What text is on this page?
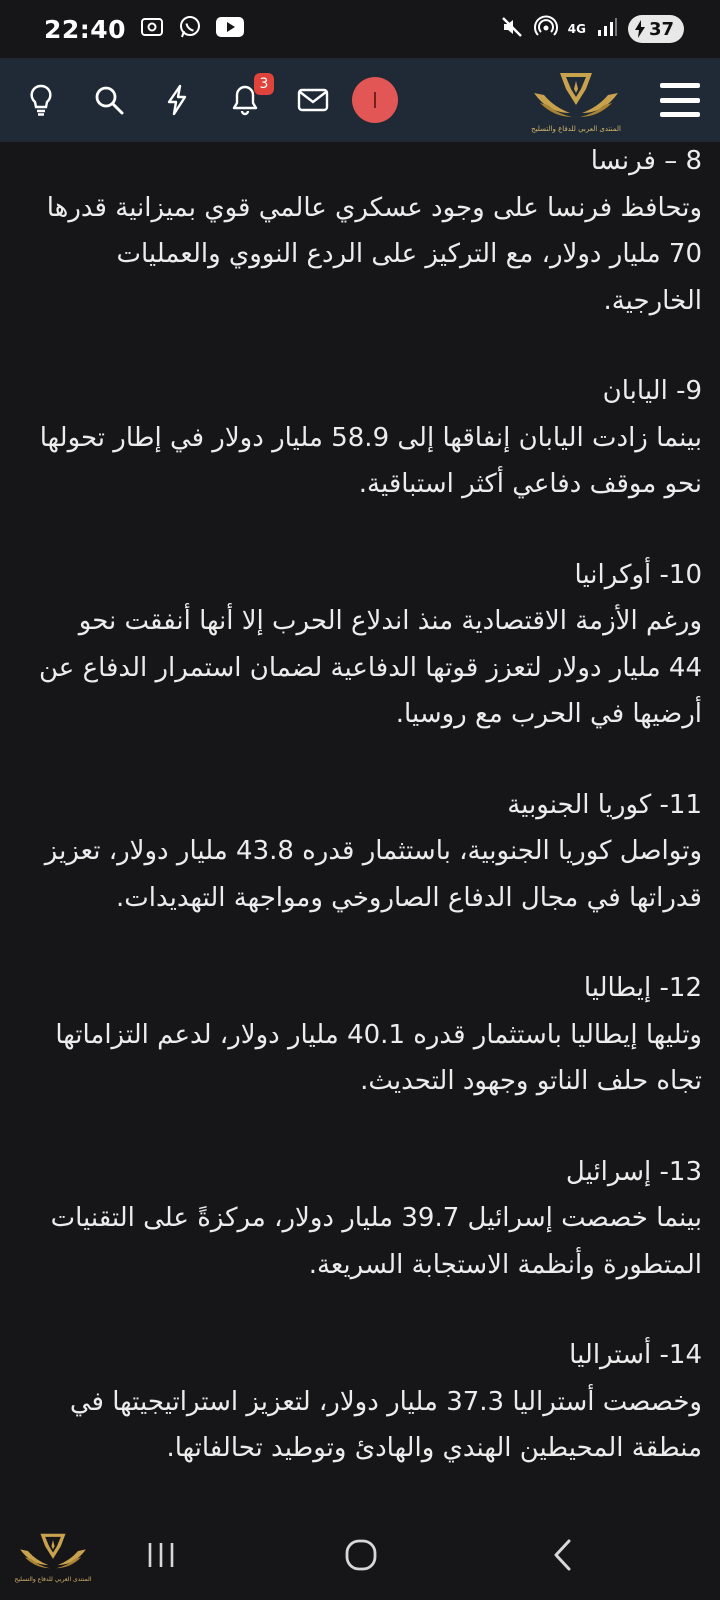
22:40	4G	37
3
المنتدى العربي للدفاع والتسليح

8 – فرنسا

وتحافظ فرنسا على وجود عسكري عالمي قوي بميزانية قدرها 70 مليار دولار، مع التركيز على الردع النووي والعمليات الخارجية.

9- اليابان

بينما زادت اليابان إنفاقها إلى 58.9 مليار دولار في إطار تحولها نحو موقف دفاعي أكثر استباقية.

10- أوكرانيا

ورغم الأزمة الاقتصادية منذ اندلاع الحرب إلا أنها أنفقت نحو 44 مليار دولار لتعزز قوتها الدفاعية لضمان استمرار الدفاع عن أرضيها في الحرب مع روسيا.

11- كوريا الجنوبية

وتواصل كوريا الجنوبية، باستثمار قدره 43.8 مليار دولار، تعزيز قدراتها في مجال الدفاع الصاروخي ومواجهة التهديدات.

12- إيطاليا

وتليها إيطاليا باستثمار قدره 40.1 مليار دولار، لدعم التزاماتها تجاه حلف الناتو وجهود التحديث.

13- إسرائيل

بينما خصصت إسرائيل 39.7 مليار دولار، مركزةً على التقنيات المتطورة وأنظمة الاستجابة السريعة.

14- أستراليا

وخصصت أستراليا 37.3 مليار دولار، لتعزيز استراتيجيتها في منطقة المحيطين الهندي والهادئ وتوطيد تحالفاتها.

المنتدى العربي للدفاع والتسليح
